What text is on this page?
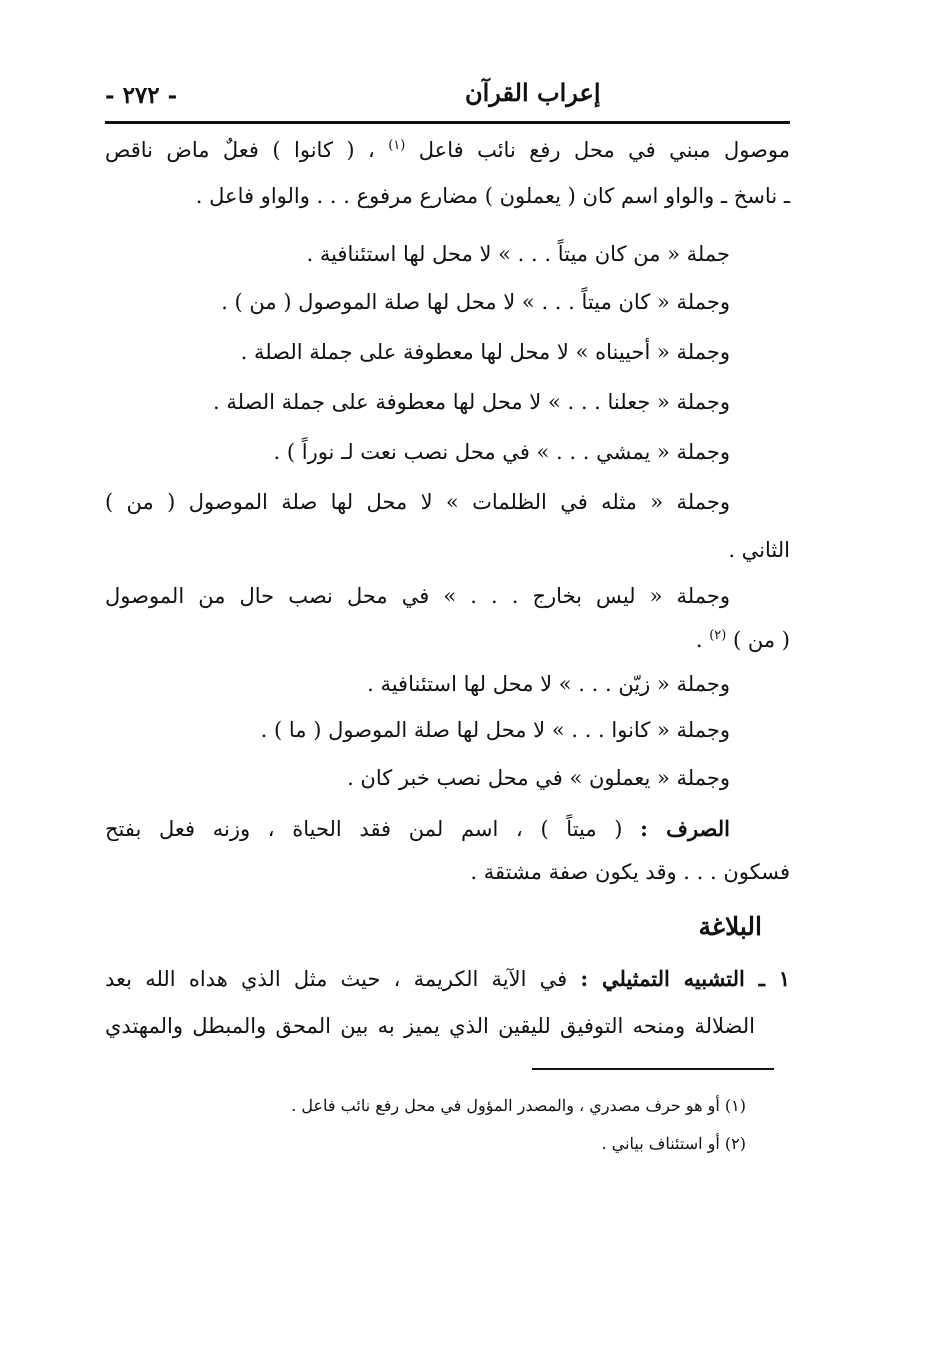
إعراب القرآن
- ٢٧٢ -
موصول مبني في محل رفع نائب فاعل $^{(١)}$ ، ( كانوا ) فعلٌ ماض ناقص
ـ ناسخ ـ والواو اسم كان ( يعملون ) مضارع مرفوع . . . والواو فاعل .
جملة « من كان ميتاً . . . » لا محل لها استئنافية .
وجملة « كان ميتاً . . . » لا محل لها صلة الموصول ( من ) .
وجملة « أحييناه » لا محل لها معطوفة على جملة الصلة .
وجملة « جعلنا . . . » لا محل لها معطوفة على جملة الصلة .
وجملة « يمشي . . . » في محل نصب نعت لـ نوراً ) .
وجملة « مثله في الظلمات » لا محل لها صلة الموصول ( من )
الثاني .
وجملة « ليس بخارج . . . » في محل نصب حال من الموصول
( من ) $^{(٢)}$ .
وجملة « زيّن . . . » لا محل لها استئنافية .
وجملة « كانوا . . . » لا محل لها صلة الموصول ( ما ) .
وجملة « يعملون » في محل نصب خبر كان .
الصرف : ( ميتاً ) ، اسم لمن فقد الحياة ، وزنه فعل بفتح
فسكون . . . وقد يكون صفة مشتقة .
البلاغة
١ ـ التشبيه التمثيلي : في الآية الكريمة ، حيث مثل الذي هداه الله بعد
الضلالة ومنحه التوفيق لليقين الذي يميز به بين المحق والمبطل والمهتدي
(١) أو هو حرف مصدري ، والمصدر المؤول في محل رفع نائب فاعل .
(٢) أو استئناف بياني .
